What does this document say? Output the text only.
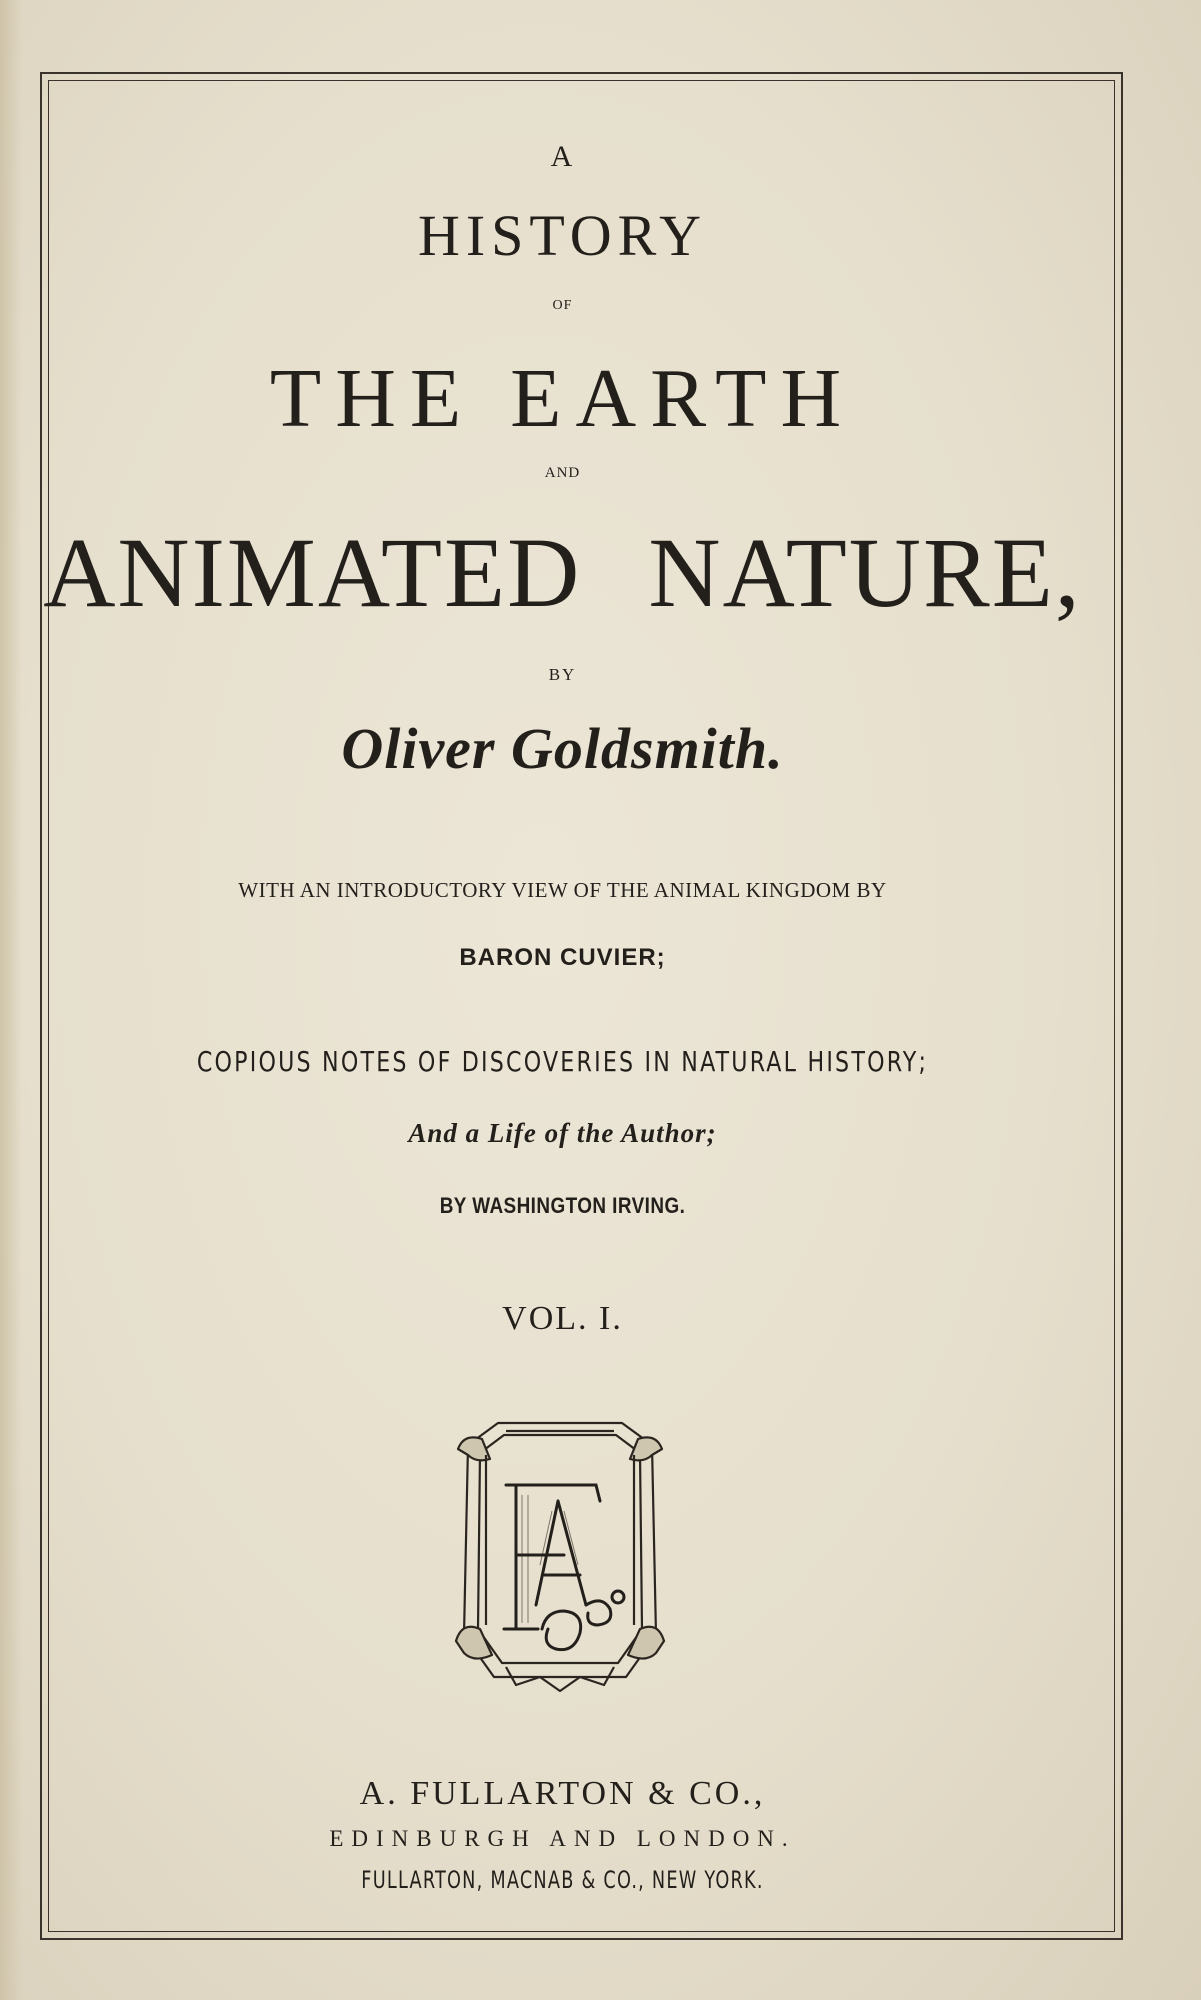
A
HISTORY
OF
THE EARTH
AND
ANIMATED NATURE,
BY
Oliver Goldsmith.
WITH AN INTRODUCTORY VIEW OF THE ANIMAL KINGDOM BY
BARON CUVIER;
COPIOUS NOTES OF DISCOVERIES IN NATURAL HISTORY;
And a Life of the Author;
BY WASHINGTON IRVING.
VOL. I.
A. FULLARTON & CO.,
EDINBURGH AND LONDON.
FULLARTON, MACNAB & CO., NEW YORK.
